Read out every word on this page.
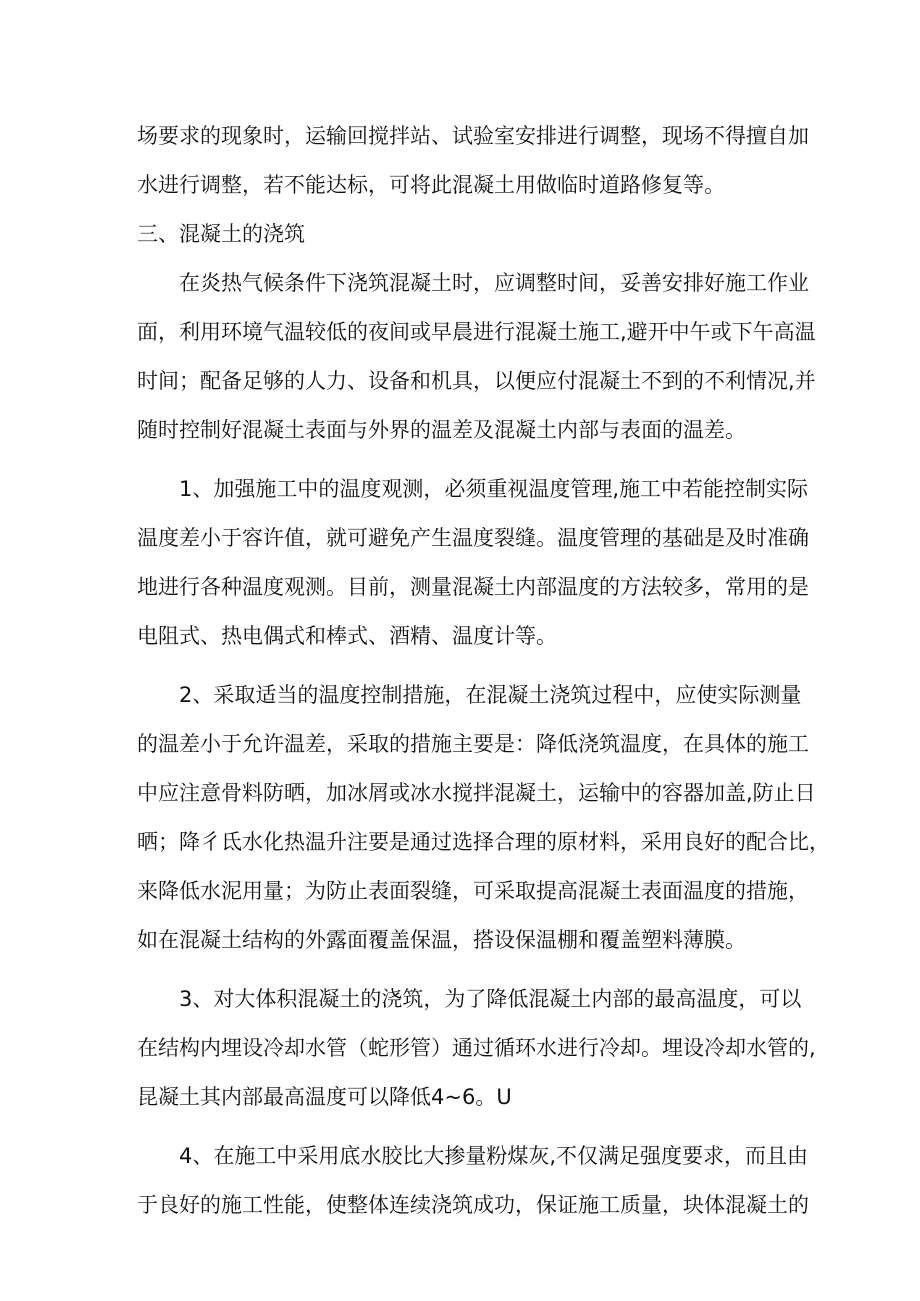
场要求的现象时，运输回搅拌站、试验室安排进行调整，现场不得擅自加
水进行调整，若不能达标，可将此混凝土用做临时道路修复等。
三、混凝土的浇筑
在炎热气候条件下浇筑混凝土时，应调整时间，妥善安排好施工作业
面，利用环境气温较低的夜间或早晨进行混凝土施工,避开中午或下午高温
时间；配备足够的人力、设备和机具，以便应付混凝土不到的不利情况,并
随时控制好混凝土表面与外界的温差及混凝土内部与表面的温差。
1、加强施工中的温度观测，必须重视温度管理,施工中若能控制实际
温度差小于容许值，就可避免产生温度裂缝。温度管理的基础是及时准确
地进行各种温度观测。目前，测量混凝土内部温度的方法较多，常用的是
电阻式、热电偶式和棒式、酒精、温度计等。
2、采取适当的温度控制措施，在混凝土浇筑过程中，应使实际测量
的温差小于允许温差，采取的措施主要是：降低浇筑温度，在具体的施工
中应注意骨料防晒，加冰屑或冰水搅拌混凝土，运输中的容器加盖,防止日
晒；降彳氐水化热温升注要是通过选择合理的原材料，采用良好的配合比，
来降低水泥用量；为防止表面裂缝，可采取提高混凝土表面温度的措施，
如在混凝土结构的外露面覆盖保温，搭设保温棚和覆盖塑料薄膜。
3、对大体积混凝土的浇筑，为了降低混凝土内部的最高温度，可以
在结构内埋设冷却水管（蛇形管）通过循环水进行冷却。埋设冷却水管的,
昆凝土其内部最高温度可以降低4~6。U
4、在施工中采用底水胶比大掺量粉煤灰,不仅满足强度要求，而且由
于良好的施工性能，使整体连续浇筑成功，保证施工质量，块体混凝土的
